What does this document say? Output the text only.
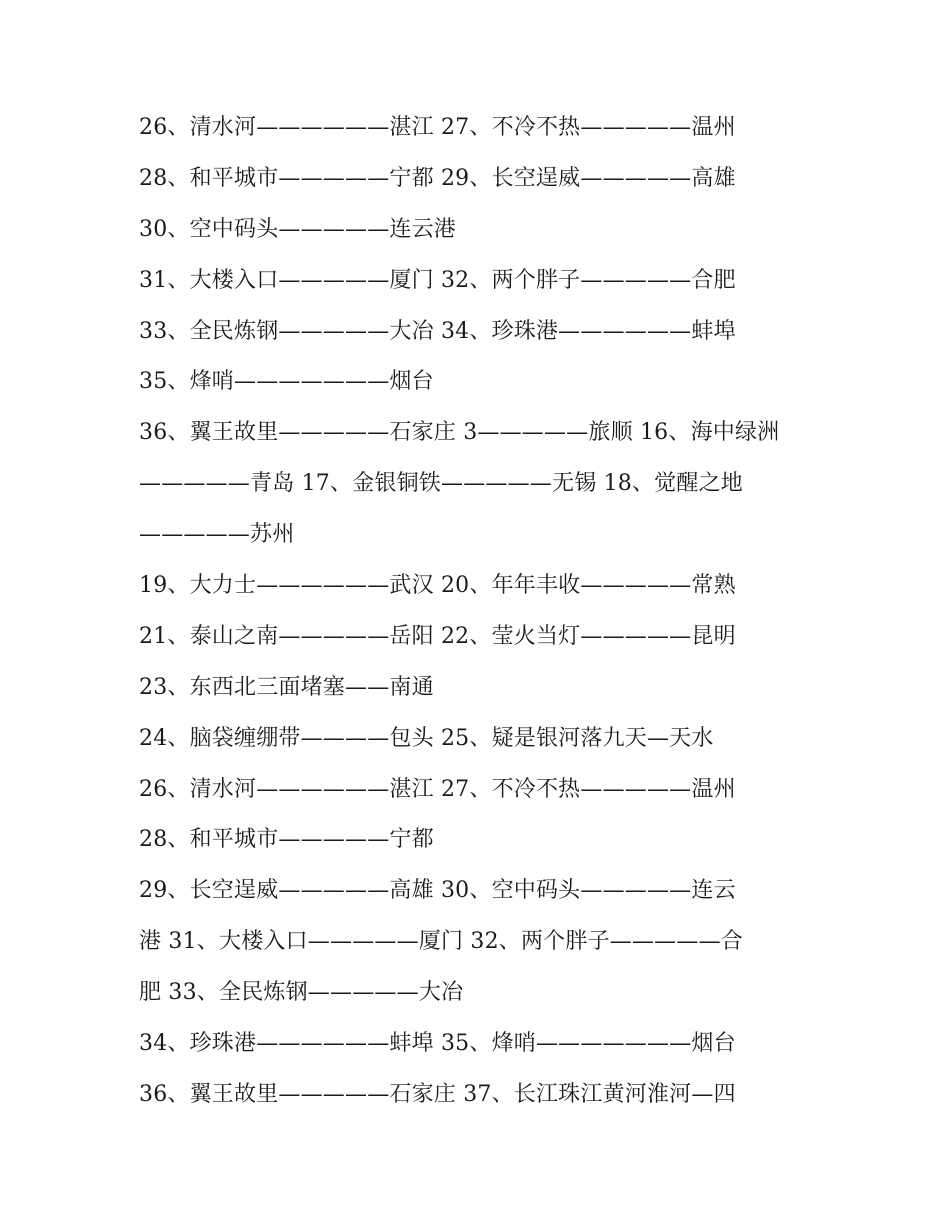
26、清水河——————湛江 27、不冷不热—————温州
28、和平城市—————宁都 29、长空逞威—————高雄
30、空中码头—————连云港
31、大楼入口—————厦门 32、两个胖子—————合肥
33、全民炼钢—————大冶 34、珍珠港——————蚌埠
35、烽哨———————烟台
36、翼王故里—————石家庄 3—————旅顺 16、海中绿洲
—————青岛 17、金银铜铁—————无锡 18、觉醒之地
—————苏州
19、大力士——————武汉 20、年年丰收—————常熟
21、泰山之南—————岳阳 22、莹火当灯—————昆明
23、东西北三面堵塞——南通
24、脑袋缠绷带————包头 25、疑是银河落九天—天水
26、清水河——————湛江 27、不冷不热—————温州
28、和平城市—————宁都
29、长空逞威—————高雄 30、空中码头—————连云
港 31、大楼入口—————厦门 32、两个胖子—————合
肥 33、全民炼钢—————大冶
34、珍珠港——————蚌埠 35、烽哨———————烟台
36、翼王故里—————石家庄 37、长江珠江黄河淮河—四
